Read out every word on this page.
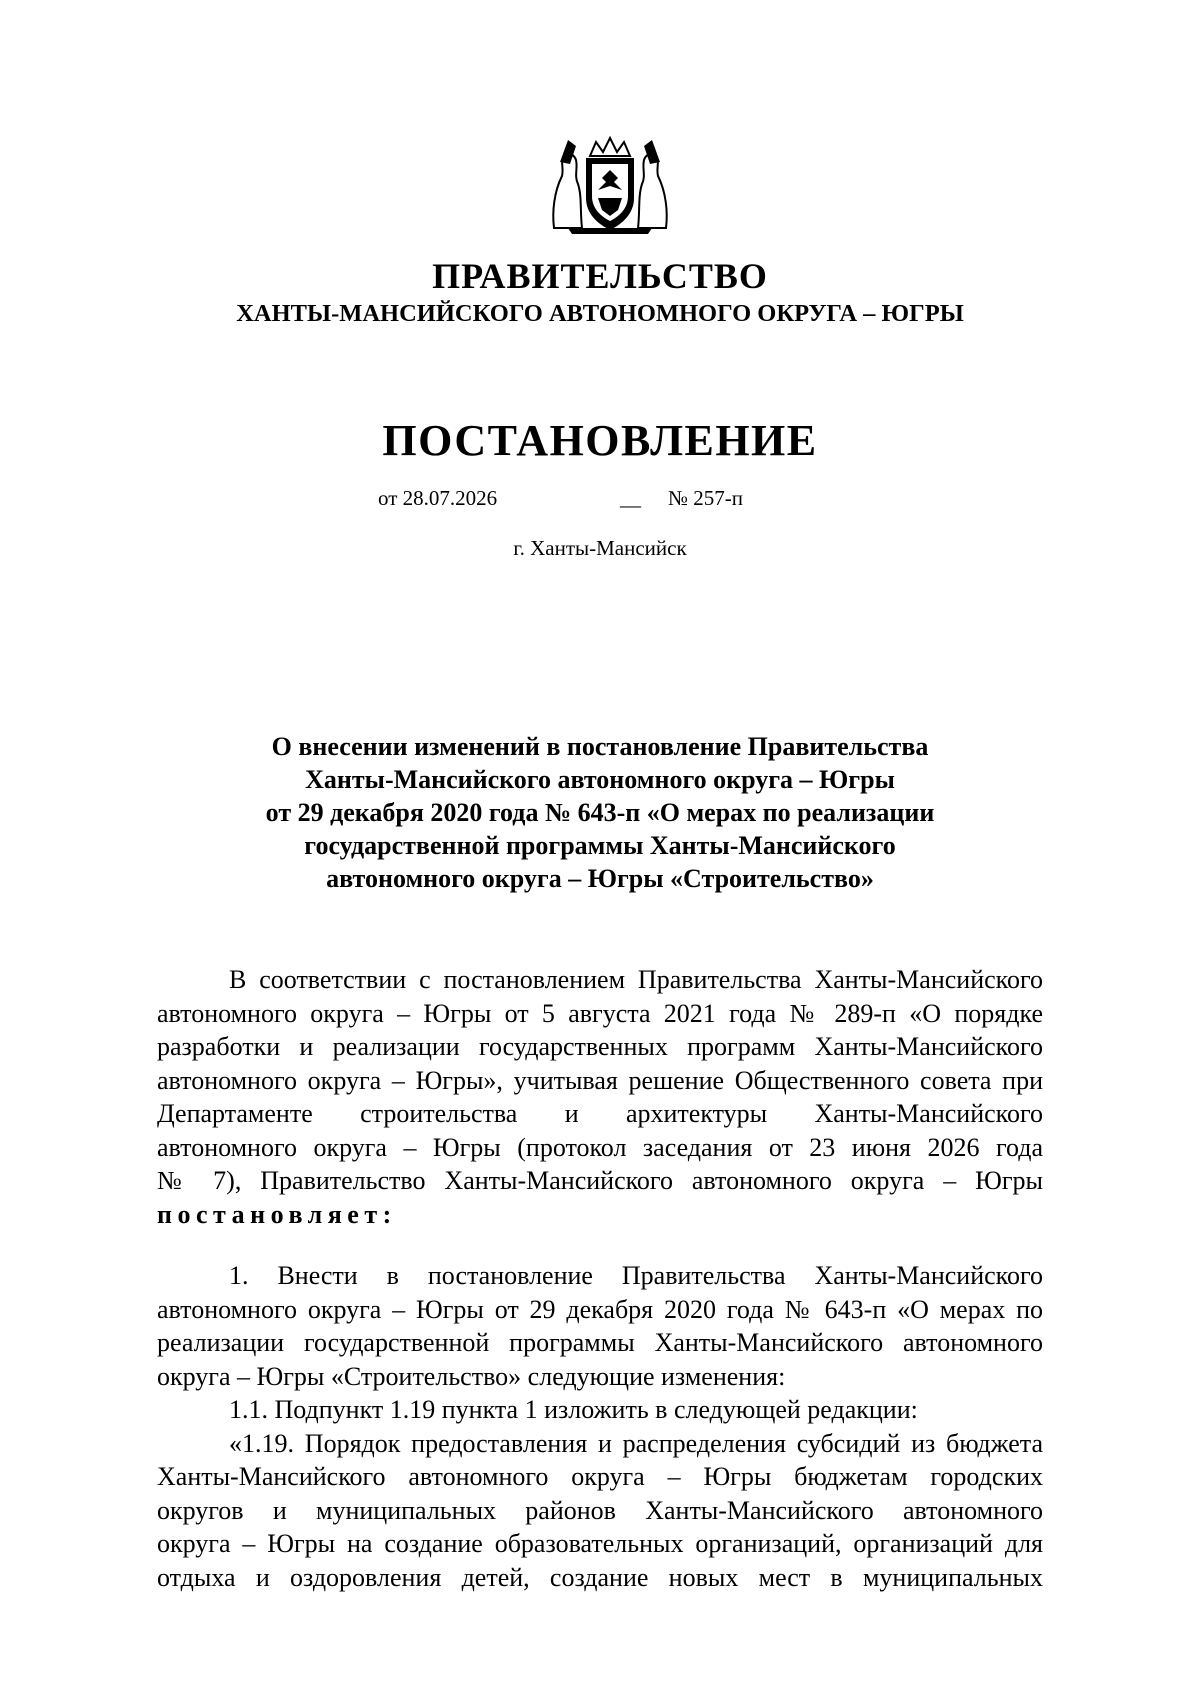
ПРАВИТЕЛЬСТВО
ХАНТЫ-МАНСИЙСКОГО АВТОНОМНОГО ОКРУГА – ЮГРЫ
ПОСТАНОВЛЕНИЕ
от 28.07.2026	__ № 257-п
г. Ханты-Мансийск
О внесении изменений в постановление Правительства
Ханты-Мансийского автономного округа – Югры
от 29 декабря 2020 года № 643-п «О мерах по реализации
государственной программы Ханты-Мансийского
автономного округа – Югры «Строительство»
В соответствии с постановлением Правительства Ханты-Мансийского
автономного округа – Югры от 5 августа 2021 года № 289-п «О порядке
разработки и реализации государственных программ Ханты-Мансийского
автономного округа – Югры», учитывая решение Общественного совета при
Департаменте строительства и архитектуры Ханты-Мансийского
автономного округа – Югры (протокол заседания от 23 июня 2026 года
№ 7), Правительство Ханты-Мансийского автономного округа – Югры
постановляет:
1. Внести в постановление Правительства Ханты-Мансийского
автономного округа – Югры от 29 декабря 2020 года № 643-п «О мерах по
реализации государственной программы Ханты-Мансийского автономного
округа – Югры «Строительство» следующие изменения:
1.1. Подпункт 1.19 пункта 1 изложить в следующей редакции:
«1.19. Порядок предоставления и распределения субсидий из бюджета
Ханты-Мансийского автономного округа – Югры бюджетам городских
округов и муниципальных районов Ханты-Мансийского автономного
округа – Югры на создание образовательных организаций, организаций для
отдыха и оздоровления детей, создание новых мест в муниципальных
